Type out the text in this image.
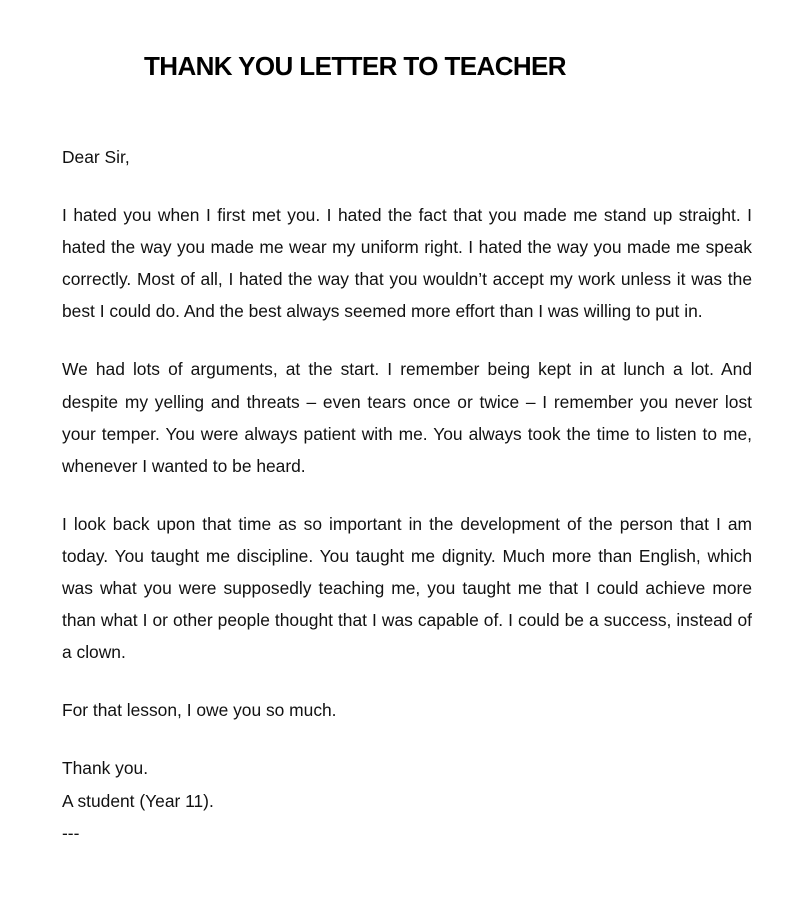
THANK YOU LETTER TO TEACHER

Dear Sir,

I hated you when I first met you. I hated the fact that you made me stand up straight. I hated the way you made me wear my uniform right. I hated the way you made me speak correctly. Most of all, I hated the way that you wouldn’t accept my work unless it was the best I could do. And the best always seemed more effort than I was willing to put in.

We had lots of arguments, at the start. I remember being kept in at lunch a lot. And despite my yelling and threats – even tears once or twice – I remember you never lost your temper. You were always patient with me. You always took the time to listen to me, whenever I wanted to be heard.

I look back upon that time as so important in the development of the person that I am today. You taught me discipline. You taught me dignity. Much more than English, which was what you were supposedly teaching me, you taught me that I could achieve more than what I or other people thought that I was capable of. I could be a success, instead of a clown.

For that lesson, I owe you so much.

Thank you.

A student (Year 11).

---
